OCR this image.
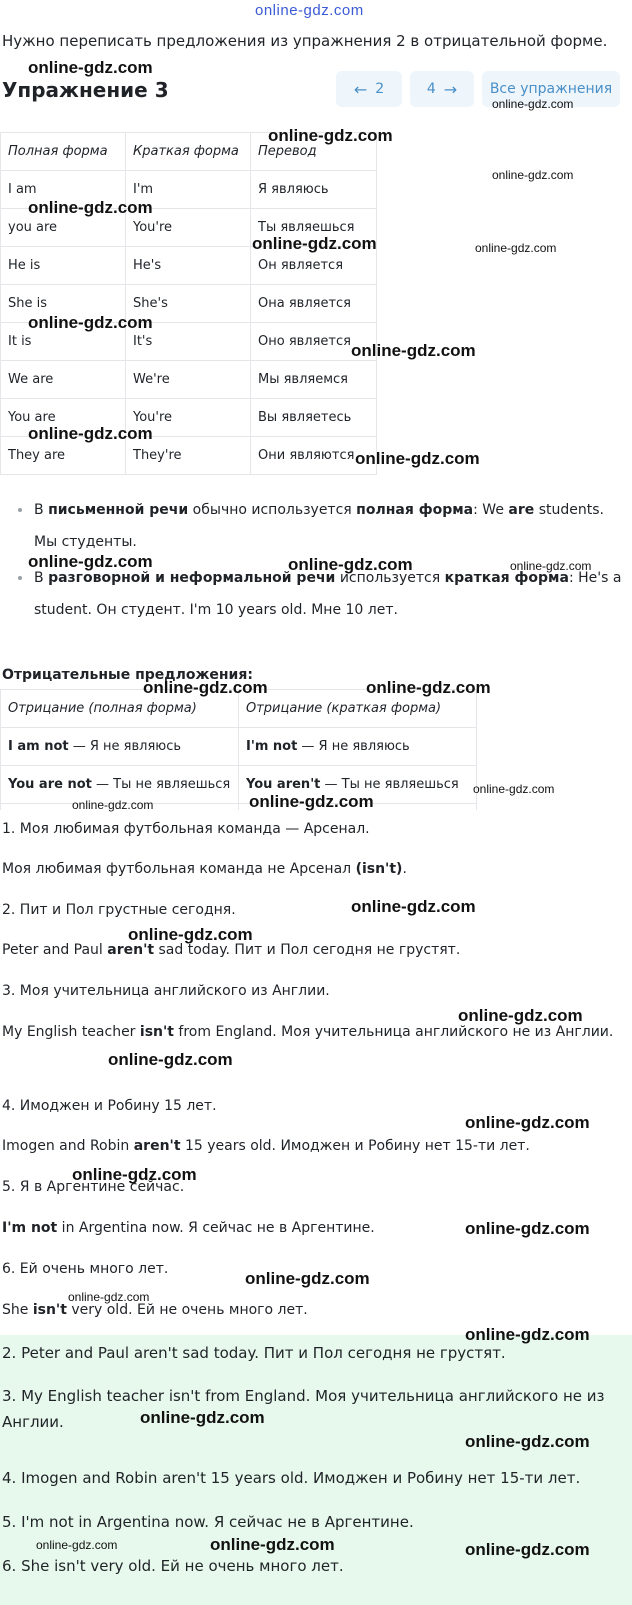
online-gdz.com
Нужно переписать предложения из упражнения 2 в отрицательной форме.
Упражнение 3	← 2	4 → Все упражнения
Полная форма	Краткая форма	Перевод
I am	I'm	Я являюсь
you are	You're	Ты являешься
He is	He's	Он является
She is	She's	Она является
It is	It's	Оно является
We are	We're	Мы являемся
You are	You're	Вы являетесь
They are	They're	Они являются
В письменной речи обычно используется полная форма: We are students. Мы студенты.
В разговорной и неформальной речи используется краткая форма: He's a student. Он студент. I'm 10 years old. Мне 10 лет.
Отрицательные предложения:
Отрицание (полная форма)	Отрицание (краткая форма)
I am not — Я не являюсь	I'm not — Я не являюсь
You are not — Ты не являешься	You aren't — Ты не являешься

1. Моя любимая футбольная команда — Арсенал.
Моя любимая футбольная команда не Арсенал (isn't).
2. Пит и Пол грустные сегодня.
Peter and Paul aren't sad today. Пит и Пол сегодня не грустят.
3. Моя учительница английского из Англии.
My English teacher isn't from England. Моя учительница английского не из Англии.
4. Имоджен и Робину 15 лет.
Imogen and Robin aren't 15 years old. Имоджен и Робину нет 15-ти лет.
5. Я в Аргентине сейчас.
I'm not in Argentina now. Я сейчас не в Аргентине.
6. Ей очень много лет.
She isn't very old. Ей не очень много лет.
2. Peter and Paul aren't sad today. Пит и Пол сегодня не грустят.
3. My English teacher isn't from England. Моя учительница английского не из Англии.
4. Imogen and Robin aren't 15 years old. Имоджен и Робину нет 15-ти лет.
5. I'm not in Argentina now. Я сейчас не в Аргентине.
6. She isn't very old. Ей не очень много лет.
online-gdz.com
online-gdz.com
online-gdz.com
online-gdz.com
online-gdz.com
online-gdz.com	online-gdz.com
online-gdz.com
online-gdz.com
online-gdz.com
online-gdz.com
online-gdz.com	online-gdz.com	online-gdz.com
online-gdz.com	online-gdz.com
online-gdz.com
online-gdz.com	online-gdz.com
online-gdz.com
online-gdz.com
online-gdz.com
online-gdz.com
online-gdz.com
online-gdz.com
online-gdz.com
online-gdz.com
online-gdz.com
online-gdz.com
online-gdz.com
online-gdz.com
online-gdz.com	online-gdz.com	online-gdz.com
